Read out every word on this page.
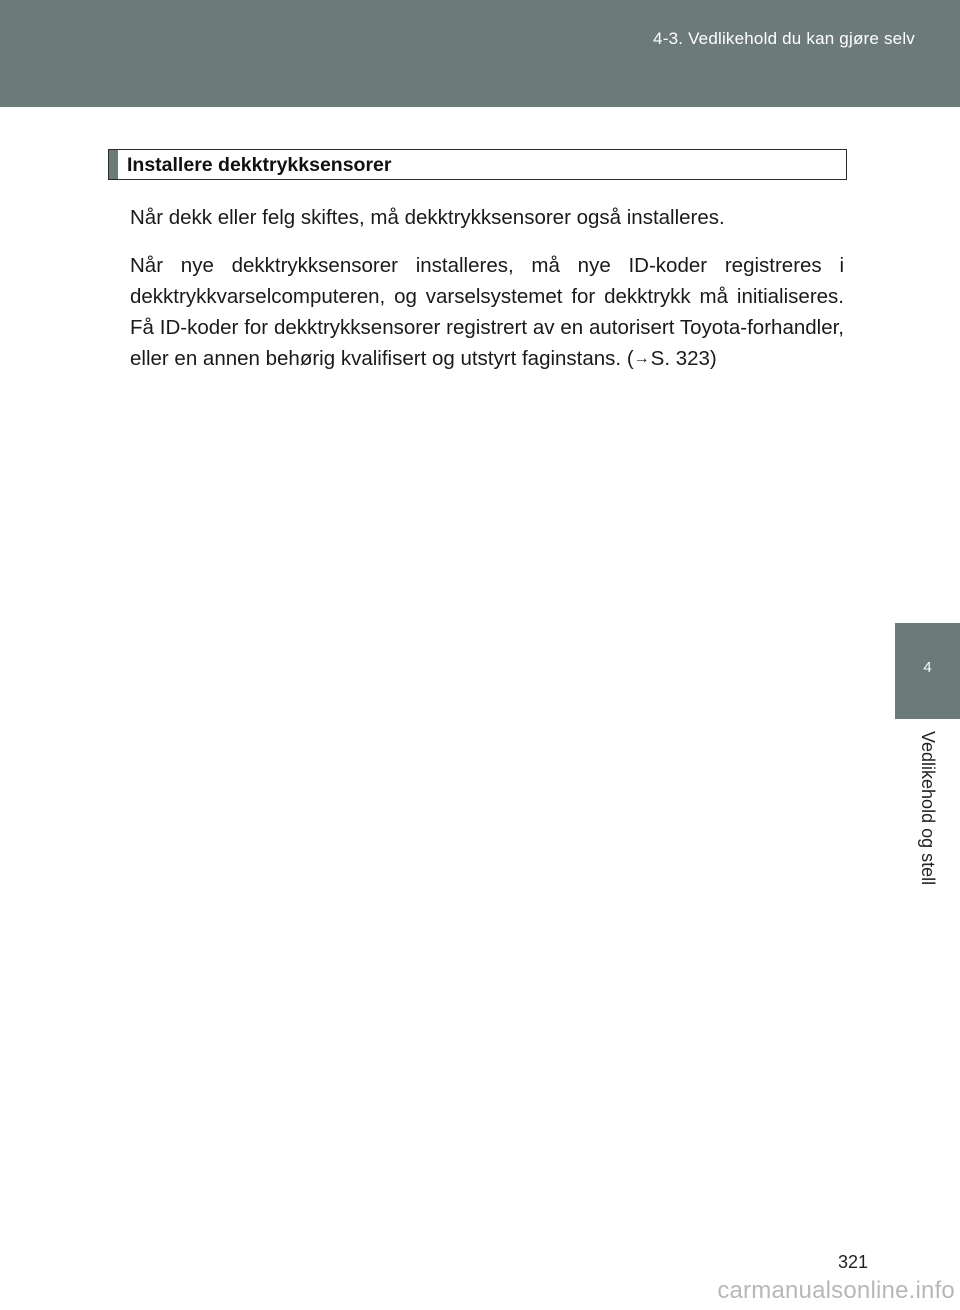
4-3. Vedlikehold du kan gjøre selv
Installere dekktrykksensorer

Når dekk eller felg skiftes, må dekktrykksensorer også installeres.

Når nye dekktrykksensorer installeres, må nye ID-koder registreres i dekktrykkvarselcomputeren, og varselsystemet for dekktrykk må initialiseres. Få ID-koder for dekktrykksensorer registrert av en autorisert Toyota-forhandler, eller en annen behørig kvalifisert og utstyrt faginstans. (→S. 323)

4
Vedlikehold og stell
321
carmanualsonline.info
